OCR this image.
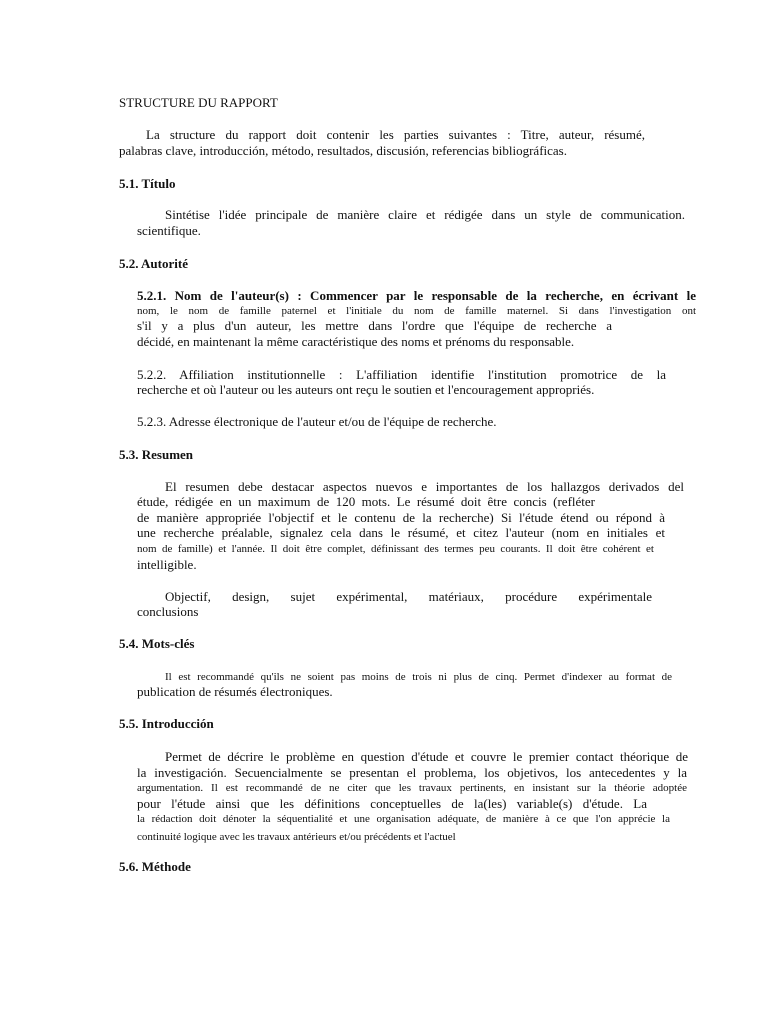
STRUCTURE DU RAPPORT
La structure du rapport doit contenir les parties suivantes : Titre, auteur, résumé,
palabras clave, introducción, método, resultados, discusión, referencias bibliográficas.
5.1. Título
Sintétise l'idée principale de manière claire et rédigée dans un style de communication.
scientifique.
5.2. Autorité
5.2.1. Nom de l'auteur(s) : Commencer par le responsable de la recherche, en écrivant le
nom, le nom de famille paternel et l'initiale du nom de famille maternel. Si dans l'investigation ont
s'il y a plus d'un auteur, les mettre dans l'ordre que l'équipe de recherche a
décidé, en maintenant la même caractéristique des noms et prénoms du responsable.
5.2.2. Affiliation institutionnelle : L'affiliation identifie l'institution promotrice de la
recherche et où l'auteur ou les auteurs ont reçu le soutien et l'encouragement appropriés.
5.2.3. Adresse électronique de l'auteur et/ou de l'équipe de recherche.
5.3. Resumen
El resumen debe destacar aspectos nuevos e importantes de los hallazgos derivados del
étude, rédigée en un maximum de 120 mots. Le résumé doit être concis (refléter
de manière appropriée l'objectif et le contenu de la recherche) Si l'étude étend ou répond à
une recherche préalable, signalez cela dans le résumé, et citez l'auteur (nom en initiales et
nom de famille) et l'année. Il doit être complet, définissant des termes peu courants. Il doit être cohérent et
intelligible.
Objectif, design, sujet expérimental, matériaux, procédure expérimentale
conclusions
5.4. Mots-clés
Il est recommandé qu'ils ne soient pas moins de trois ni plus de cinq. Permet d'indexer au format de
publication de résumés électroniques.
5.5. Introducción
Permet de décrire le problème en question d'étude et couvre le premier contact théorique de
la investigación. Secuencialmente se presentan el problema, los objetivos, los antecedentes y la
argumentation. Il est recommandé de ne citer que les travaux pertinents, en insistant sur la théorie adoptée
pour l'étude ainsi que les définitions conceptuelles de la(les) variable(s) d'étude. La
la rédaction doit dénoter la séquentialité et une organisation adéquate, de manière à ce que l'on apprécie la
continuité logique avec les travaux antérieurs et/ou précédents et l'actuel
5.6. Méthode
